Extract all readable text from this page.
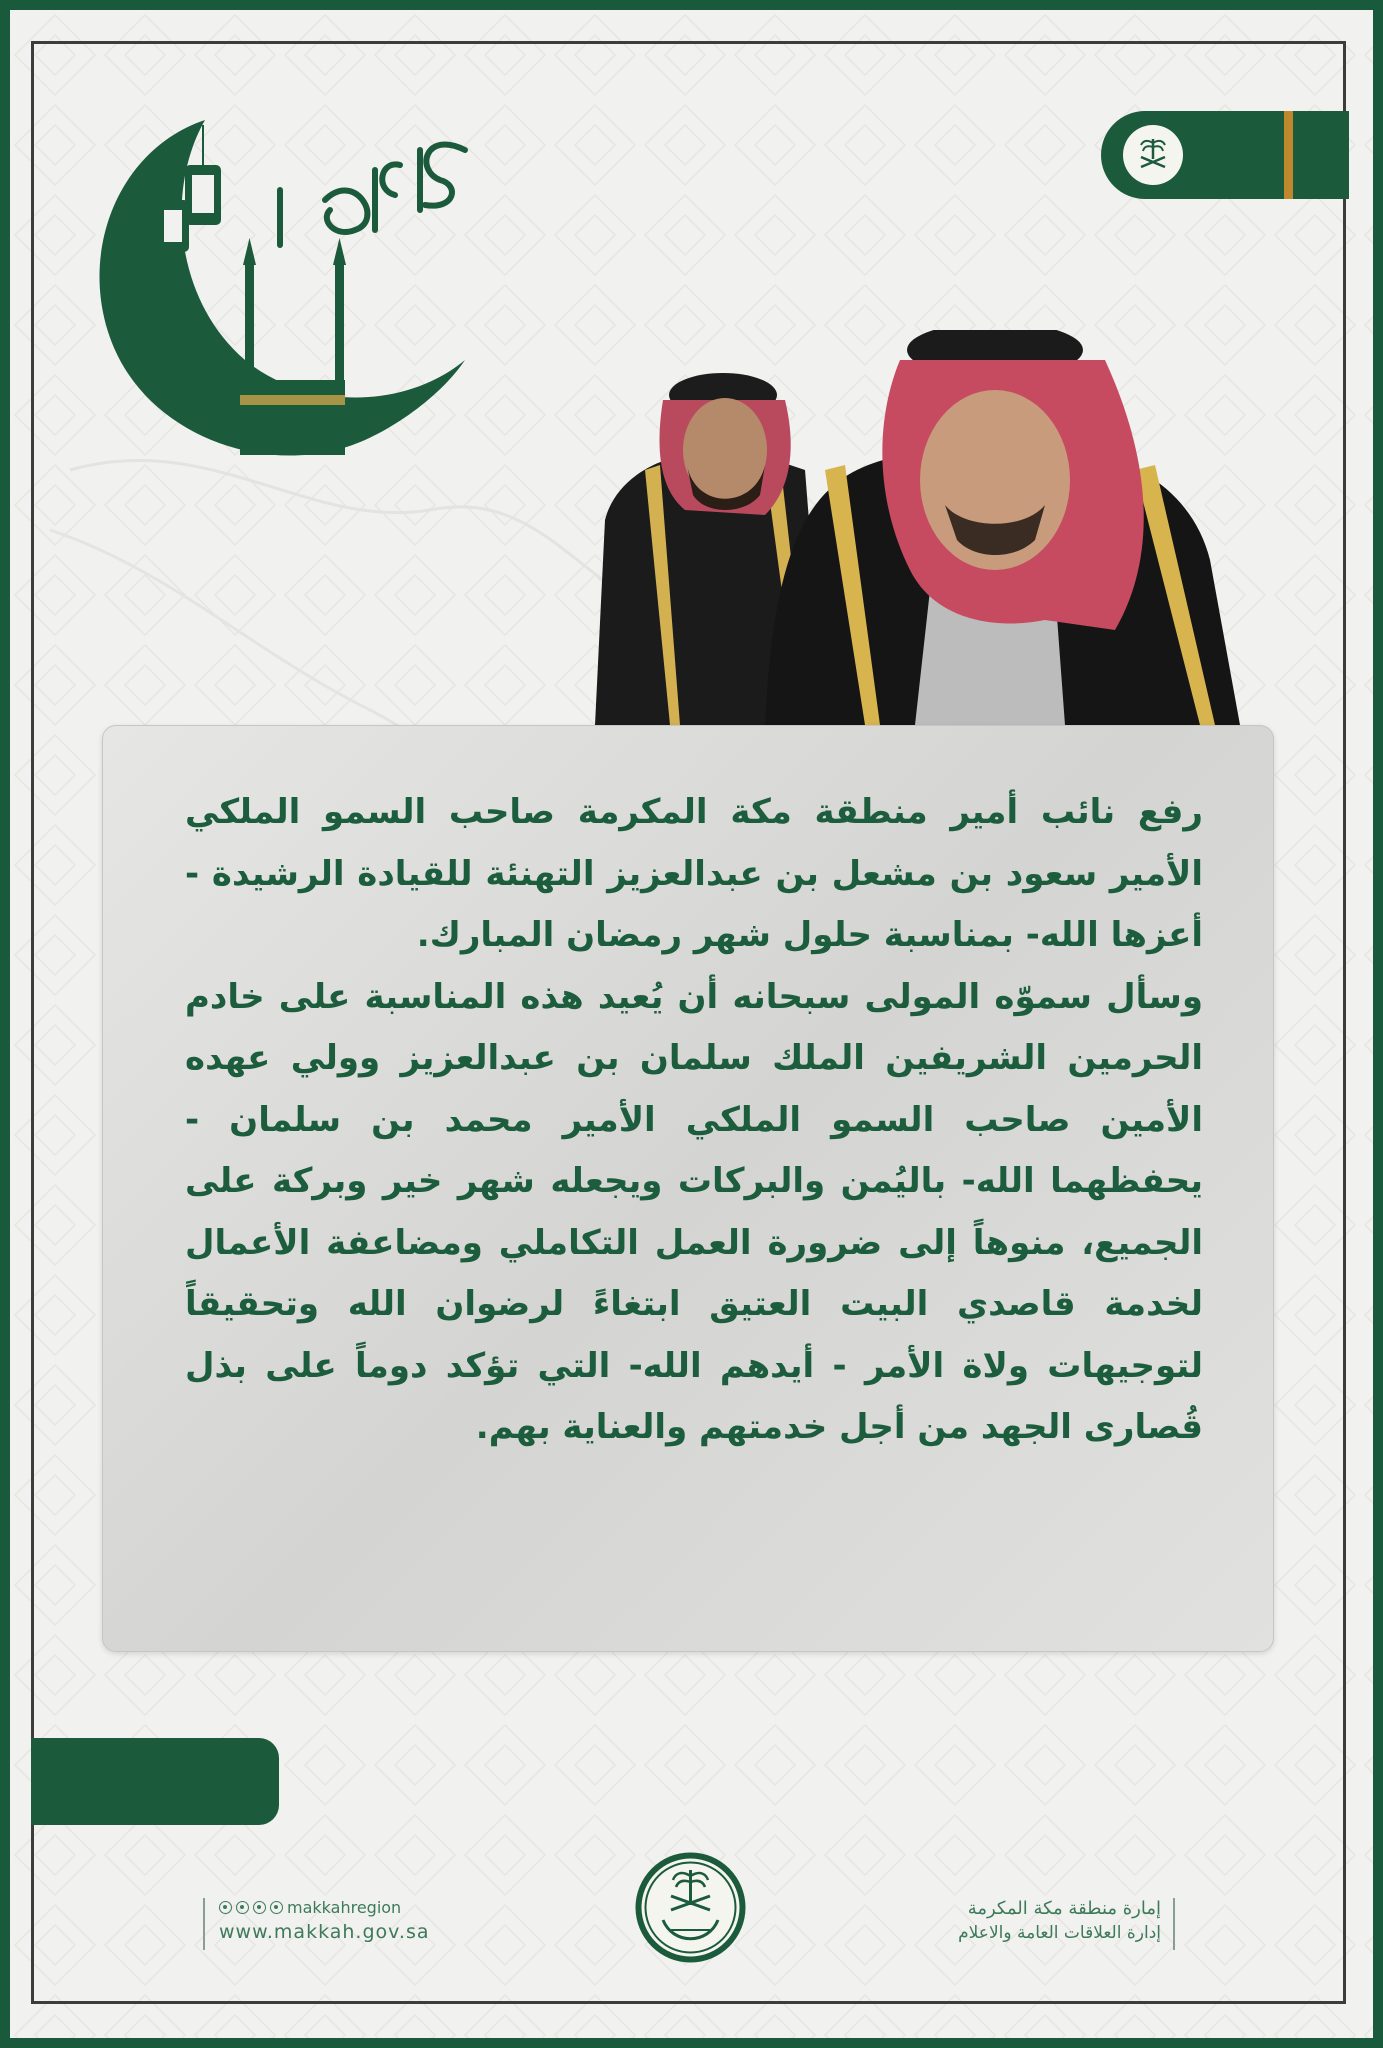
رفع نائب أمير منطقة مكة المكرمة صاحب السمو الملكي الأمير سعود بن مشعل بن عبدالعزيز التهنئة للقيادة الرشيدة - أعزها الله- بمناسبة حلول شهر رمضان المبارك.

وسأل سموّه المولى سبحانه أن يُعيد هذه المناسبة على خادم الحرمين الشريفين الملك سلمان بن عبدالعزيز وولي عهده الأمين صاحب السمو الملكي الأمير محمد بن سلمان - يحفظهما الله- باليُمن والبركات ويجعله شهر خير وبركة على الجميع، منوهاً إلى ضرورة العمل التكاملي ومضاعفة الأعمال لخدمة قاصدي البيت العتيق ابتغاءً لرضوان الله وتحقيقاً لتوجيهات ولاة الأمر - أيدهم الله- التي تؤكد دوماً على بذل قُصارى الجهد من أجل خدمتهم والعناية بهم.

makkahregion
www.makkah.gov.sa
إمارة منطقة مكة المكرمة
إدارة العلاقات العامة والاعلام
